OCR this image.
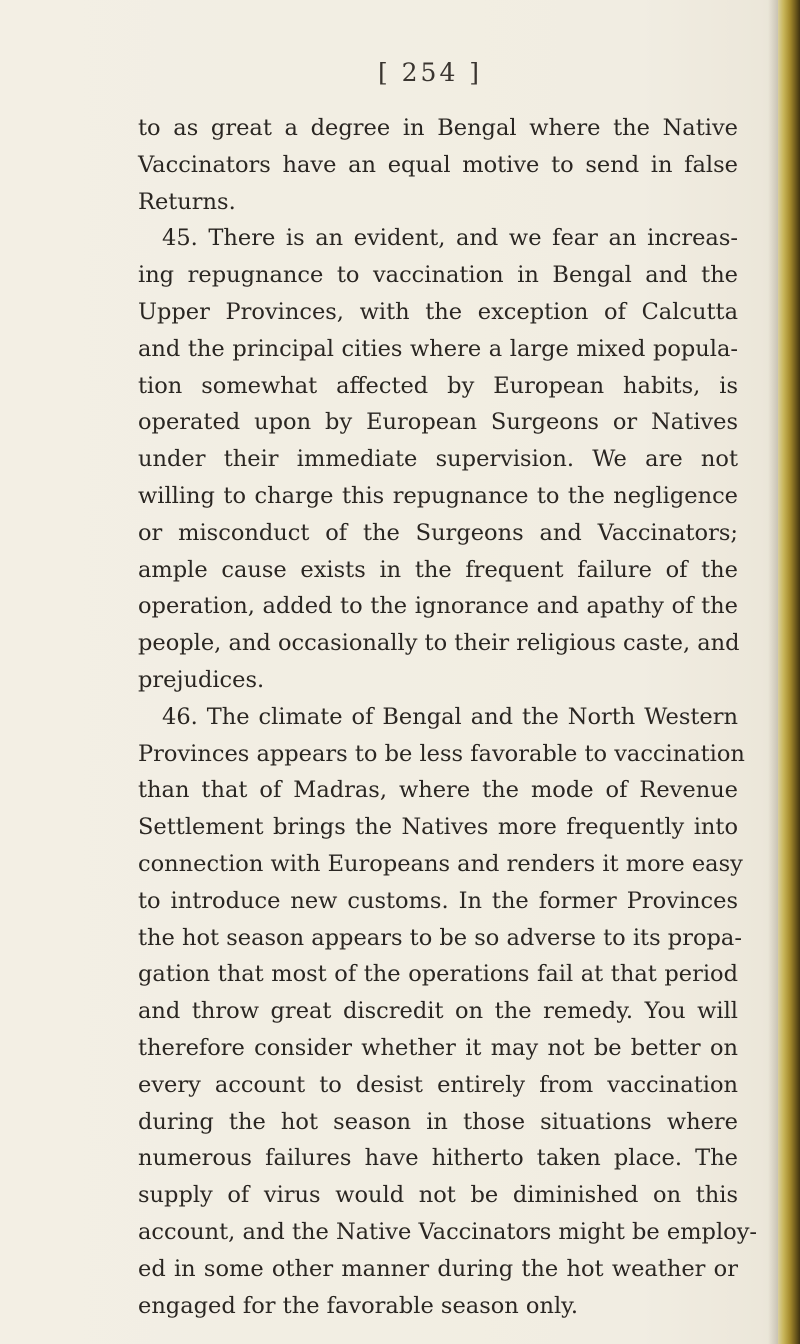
[ 254 ]
to as great a degree in Bengal where the Native
Vaccinators have an equal motive to send in false
Returns.
45. There is an evident, and we fear an increas-
ing repugnance to vaccination in Bengal and the
Upper Provinces, with the exception of Calcutta
and the principal cities where a large mixed popula-
tion somewhat affected by European habits, is
operated upon by European Surgeons or Natives
under their immediate supervision. We are not
willing to charge this repugnance to the negligence
or misconduct of the Surgeons and Vaccinators;
ample cause exists in the frequent failure of the
operation, added to the ignorance and apathy of the
people, and occasionally to their religious caste, and
prejudices.
46. The climate of Bengal and the North Western
Provinces appears to be less favorable to vaccination
than that of Madras, where the mode of Revenue
Settlement brings the Natives more frequently into
connection with Europeans and renders it more easy
to introduce new customs. In the former Provinces
the hot season appears to be so adverse to its propa-
gation that most of the operations fail at that period
and throw great discredit on the remedy. You will
therefore consider whether it may not be better on
every account to desist entirely from vaccination
during the hot season in those situations where
numerous failures have hitherto taken place. The
supply of virus would not be diminished on this
account, and the Native Vaccinators might be employ-
ed in some other manner during the hot weather or
engaged for the favorable season only.
